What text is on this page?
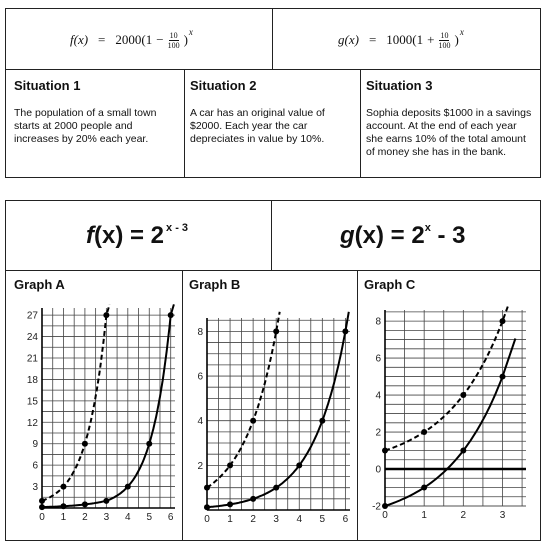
$f(x) = 2000(1 - \frac{10}{100}$ ) x	$g(x) = 1000(1 + \frac{10}{100}$ ) x
Situation 1
The population of a small town starts at 2000 people and increases by 20% each year.
Situation 2
A car has an original value of $2000. Each year the car depreciates in value by 10%.
Situation 3
Sophia deposits $1000 in a savings account. At the end of each year she earns 10% of the total amount of money she has in the bank.
f(x) = 2 $^{x - 3}$	$g(x) = 2^x - 3$
Graph A	Graph B	Graph C
0 1 2 3 4 5 6
3
6
9
12
15
18
21
24
27
0 1 2 3 4 5 6
2
4
6
8
0	1	2	3
-2
0
2
4
6
8
